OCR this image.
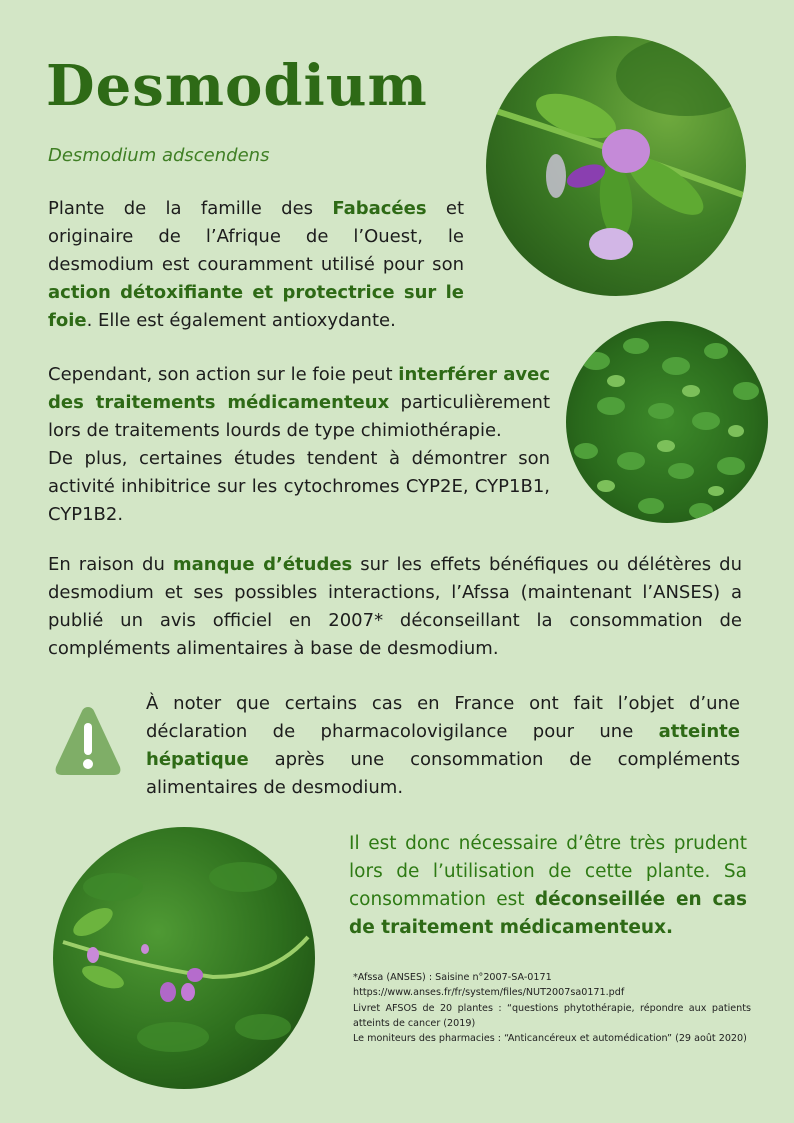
Desmodium
Desmodium adscendens

Plante de la famille des Fabacées et originaire de l’Afrique de l’Ouest, le desmodium est couramment utilisé pour son action détoxifiante et protectrice sur le foie. Elle est également antioxydante.

Cependant, son action sur le foie peut interférer avec des traitements médicamenteux particulièrement lors de traitements lourds de type chimiothérapie.
De plus, certaines études tendent à démontrer son activité inhibitrice sur les cytochromes CYP2E, CYP1B1, CYP1B2.

En raison du manque d’études sur les effets bénéfiques ou délétères du desmodium et ses possibles interactions, l’Afssa (maintenant l’ANSES) a publié un avis officiel en 2007* déconseillant la consommation de compléments alimentaires à base de desmodium.

À noter que certains cas en France ont fait l’objet d’une déclaration de pharmacolovigilance pour une atteinte hépatique après une consommation de compléments alimentaires de desmodium.

Il est donc nécessaire d’être très prudent lors de l’utilisation de cette plante. Sa consommation est déconseillée en cas de traitement médicamenteux.

*Afssa (ANSES) : Saisine n°2007-SA-0171
https://www.anses.fr/fr/system/files/NUT2007sa0171.pdf
Livret AFSOS de 20 plantes : “questions phytothérapie, répondre aux patients atteints de cancer (2019)
Le moniteurs des pharmacies : “Anticancéreux et automédication” (29 août 2020)
